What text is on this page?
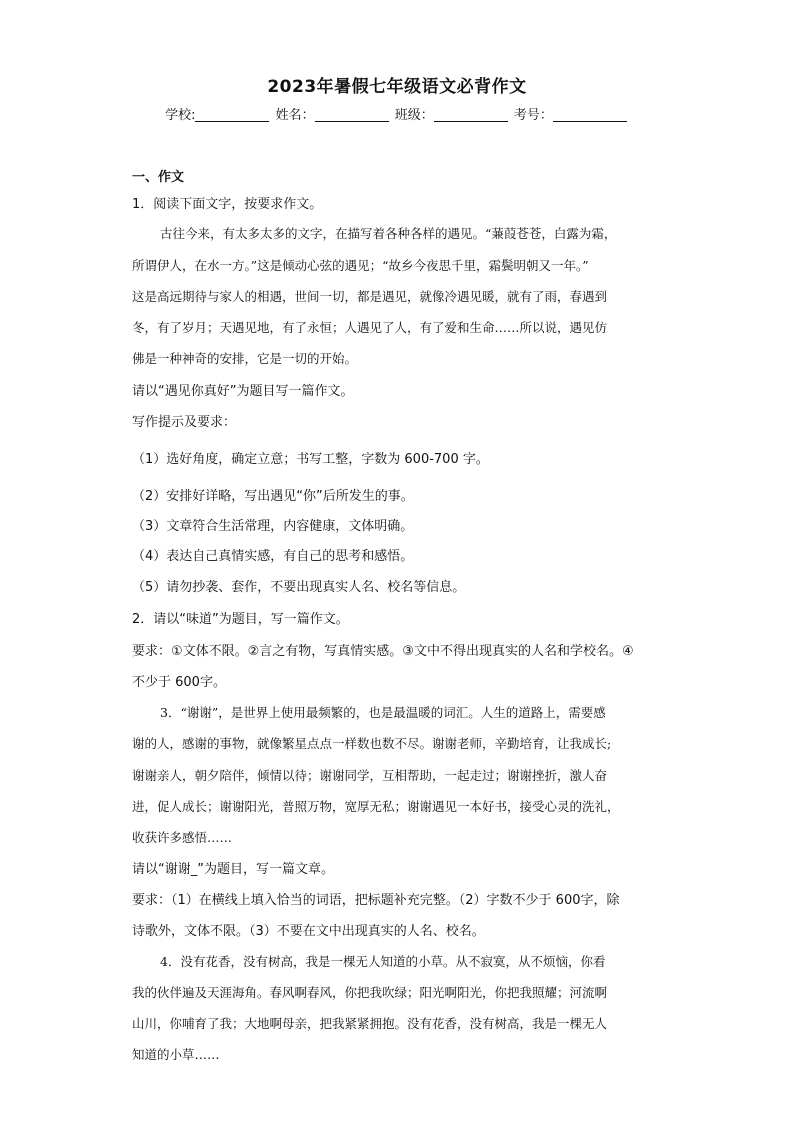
2023年暑假七年级语文必背作文
学校:	姓名：	班级：	考号：
一、作文
1．阅读下面文字，按要求作文。
古往今来，有太多太多的文字，在描写着各种各样的遇见。“蒹葭苍苍，白露为霜，
所谓伊人，在水一方。”这是倾动心弦的遇见；“故乡今夜思千里，霜鬓明朝又一年。”
这是高远期待与家人的相遇，世间一切，都是遇见，就像冷遇见暖，就有了雨，春遇到
冬，有了岁月；天遇见地，有了永恒；人遇见了人，有了爱和生命……所以说，遇见仿
佛是一种神奇的安排，它是一切的开始。
请以“遇见你真好”为题目写一篇作文。
写作提示及要求：
（1）选好角度，确定立意；书写工整，字数为 600-700 字。
（2）安排好详略，写出遇见“你”后所发生的事。
（3）文章符合生活常理，内容健康，文体明确。
（4）表达自己真情实感，有自己的思考和感悟。
（5）请勿抄袭、套作，不要出现真实人名、校名等信息。
2．请以“味道”为题目，写一篇作文。
要求：①文体不限。②言之有物，写真情实感。③文中不得出现真实的人名和学校名。④
不少于 600字。
3．“谢谢”，是世界上使用最频繁的，也是最温暖的词汇。人生的道路上，需要感
谢的人，感谢的事物，就像繁星点点一样数也数不尽。谢谢老师，辛勤培育，让我成长;
谢谢亲人，朝夕陪伴，倾情以待；谢谢同学，互相帮助，一起走过；谢谢挫折，激人奋
进，促人成长；谢谢阳光，普照万物，宽厚无私；谢谢遇见一本好书，接受心灵的洗礼，
收获许多感悟……
请以“谢谢_”为题目，写一篇文章。
要求：（1）在横线上填入恰当的词语，把标题补充完整。（2）字数不少于 600字，除
诗歌外，文体不限。（3）不要在文中出现真实的人名、校名。
4．没有花香，没有树高，我是一棵无人知道的小草。从不寂寞，从不烦恼，你看
我的伙伴遍及天涯海角。春风啊春风，你把我吹绿；阳光啊阳光，你把我照耀；河流啊
山川，你哺育了我；大地啊母亲，把我紧紧拥抱。没有花香，没有树高，我是一棵无人
知道的小草……
